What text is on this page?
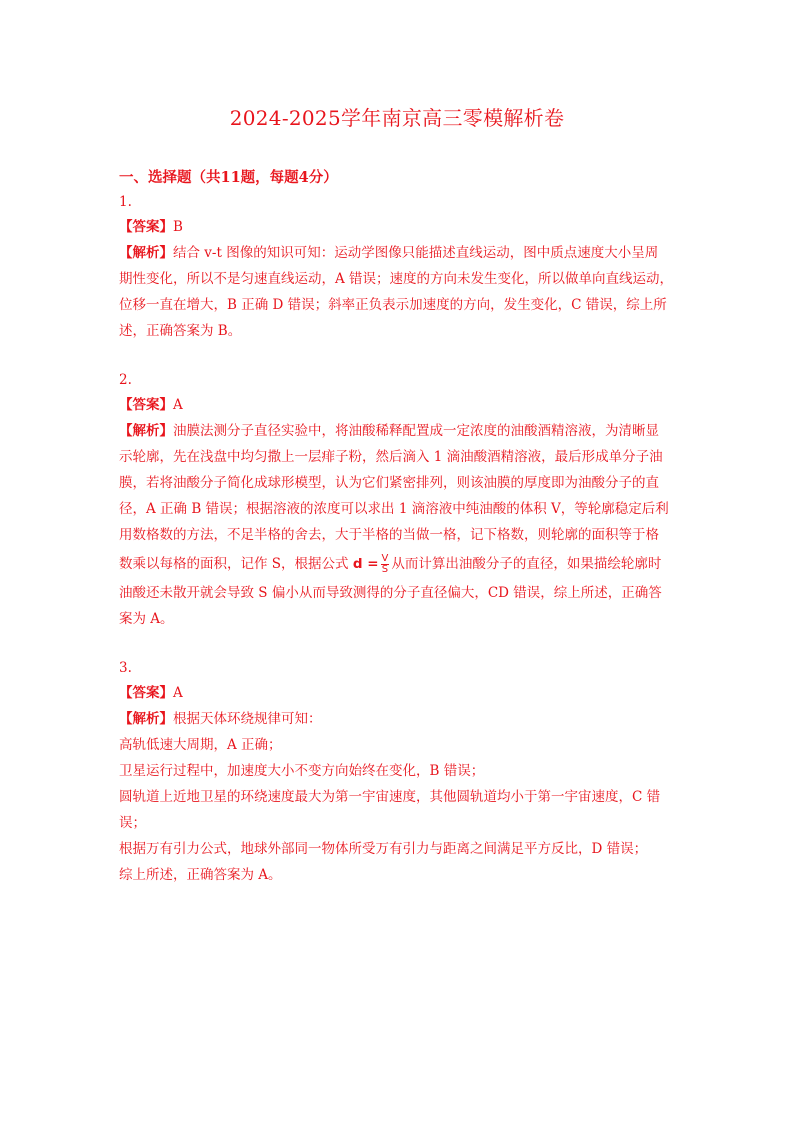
2024-2025学年南京高三零模解析卷

一、选择题（共11题，每题4分）

1.

【答案】B

【解析】结合 v-t 图像的知识可知：运动学图像只能描述直线运动，图中质点速度大小呈周

期性变化，所以不是匀速直线运动，A 错误；速度的方向未发生变化，所以做单向直线运动，

位移一直在增大，B 正确 D 错误；斜率正负表示加速度的方向，发生变化，C 错误，综上所

述，正确答案为 B。

2.

【答案】A

【解析】油膜法测分子直径实验中，将油酸稀释配置成一定浓度的油酸酒精溶液，为清晰显

示轮廓，先在浅盘中均匀撒上一层痱子粉，然后滴入 1 滴油酸酒精溶液，最后形成单分子油

膜，若将油酸分子简化成球形模型，认为它们紧密排列，则该油膜的厚度即为油酸分子的直

径，A 正确 B 错误；根据溶液的浓度可以求出 1 滴溶液中纯油酸的体积 V，等轮廓稳定后利

用数格数的方法，不足半格的舍去，大于半格的当做一格，记下格数，则轮廓的面积等于格

数乘以每格的面积，记作 S，根据公式 $d = \frac{V}{S}$ 从而计算出油酸分子的直径，如果描绘轮廓时

油酸还未散开就会导致 S 偏小从而导致测得的分子直径偏大，CD 错误，综上所述，正确答

案为 A。

3.

【答案】A

【解析】根据天体环绕规律可知：

高轨低速大周期，A 正确；

卫星运行过程中，加速度大小不变方向始终在变化，B 错误；

圆轨道上近地卫星的环绕速度最大为第一宇宙速度，其他圆轨道均小于第一宇宙速度，C 错

误；

根据万有引力公式，地球外部同一物体所受万有引力与距离之间满足平方反比，D 错误；

综上所述，正确答案为 A。
